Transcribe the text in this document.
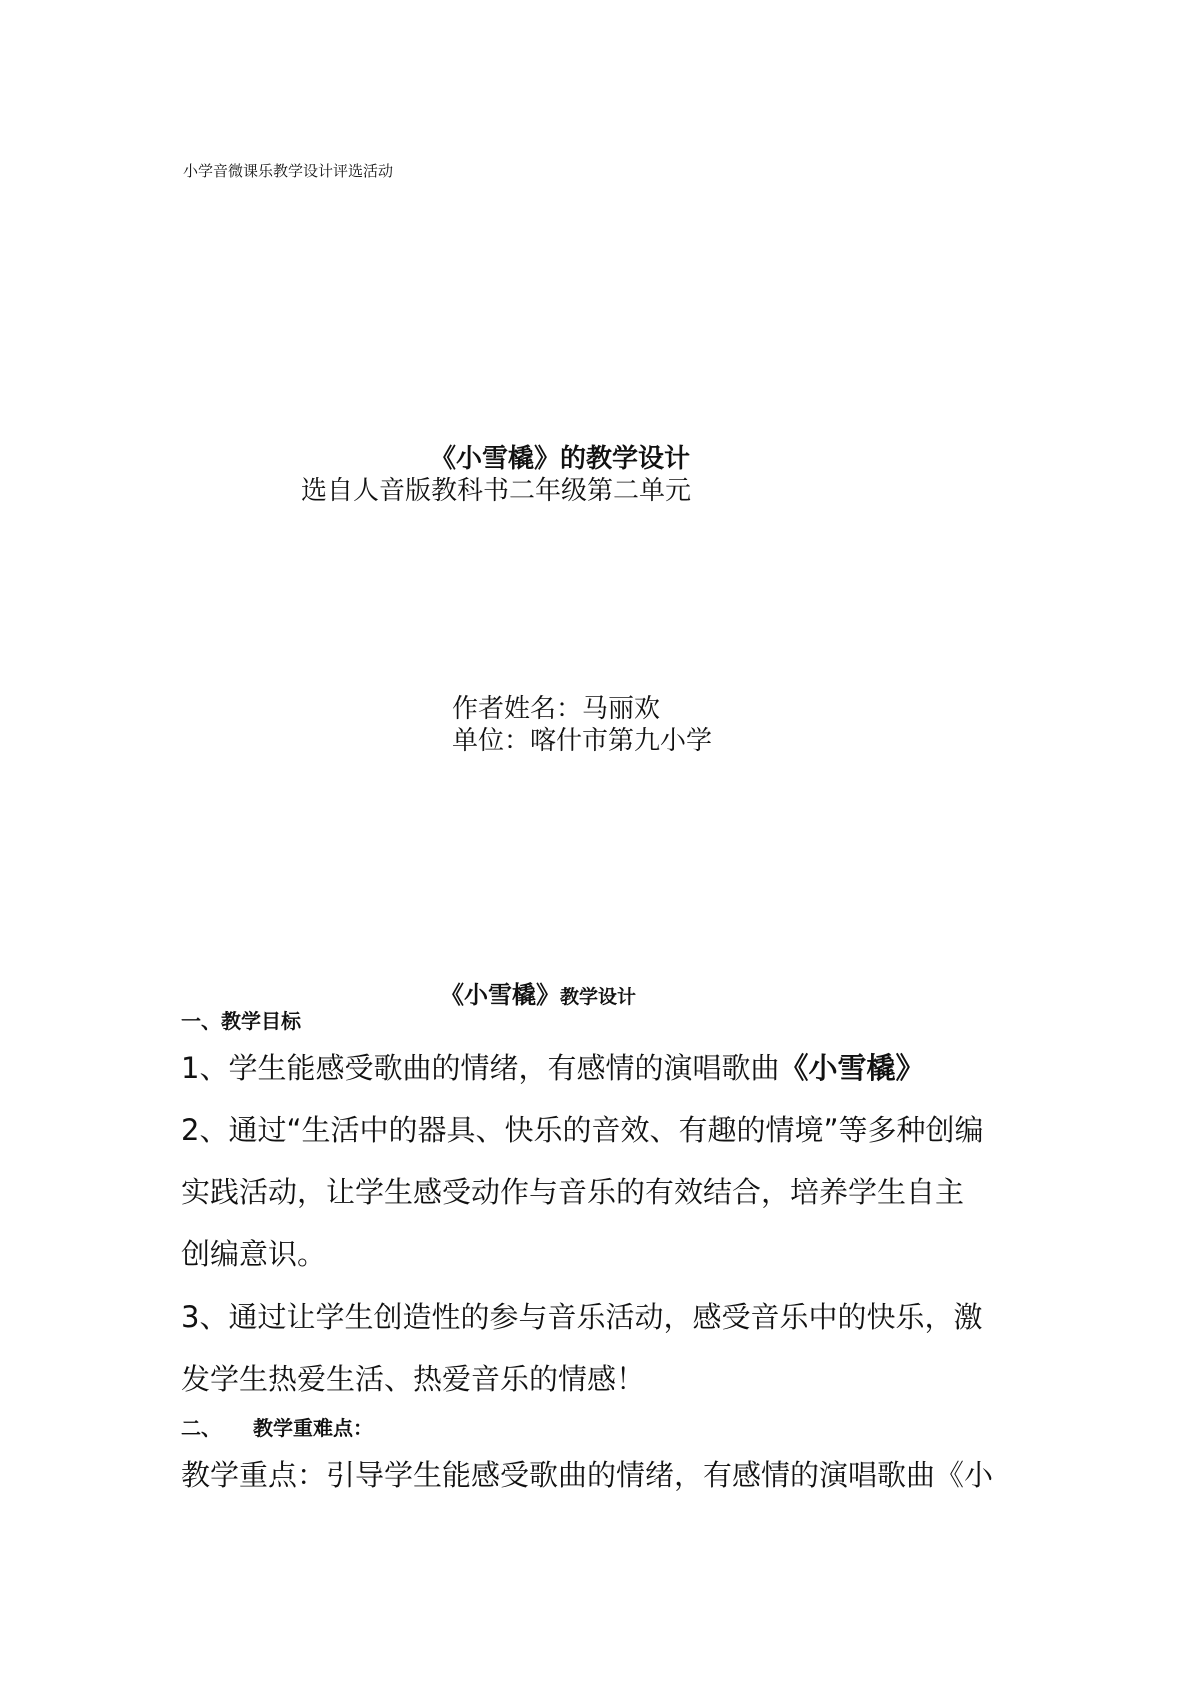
小学音微课乐教学设计评选活动
《小雪橇》的教学设计
选自人音版教科书二年级第二单元
作者姓名：马丽欢
单位：喀什市第九小学
《小雪橇》教学设计
一、教学目标
1、学生能感受歌曲的情绪，有感情的演唱歌曲《小雪橇》
2、通过“生活中的器具、快乐的音效、有趣的情境”等多种创编
实践活动，让学生感受动作与音乐的有效结合，培养学生自主
创编意识。
3、通过让学生创造性的参与音乐活动，感受音乐中的快乐，激
发学生热爱生活、热爱音乐的情感！
二、 教学重难点：
教学重点：引导学生能感受歌曲的情绪，有感情的演唱歌曲《小
